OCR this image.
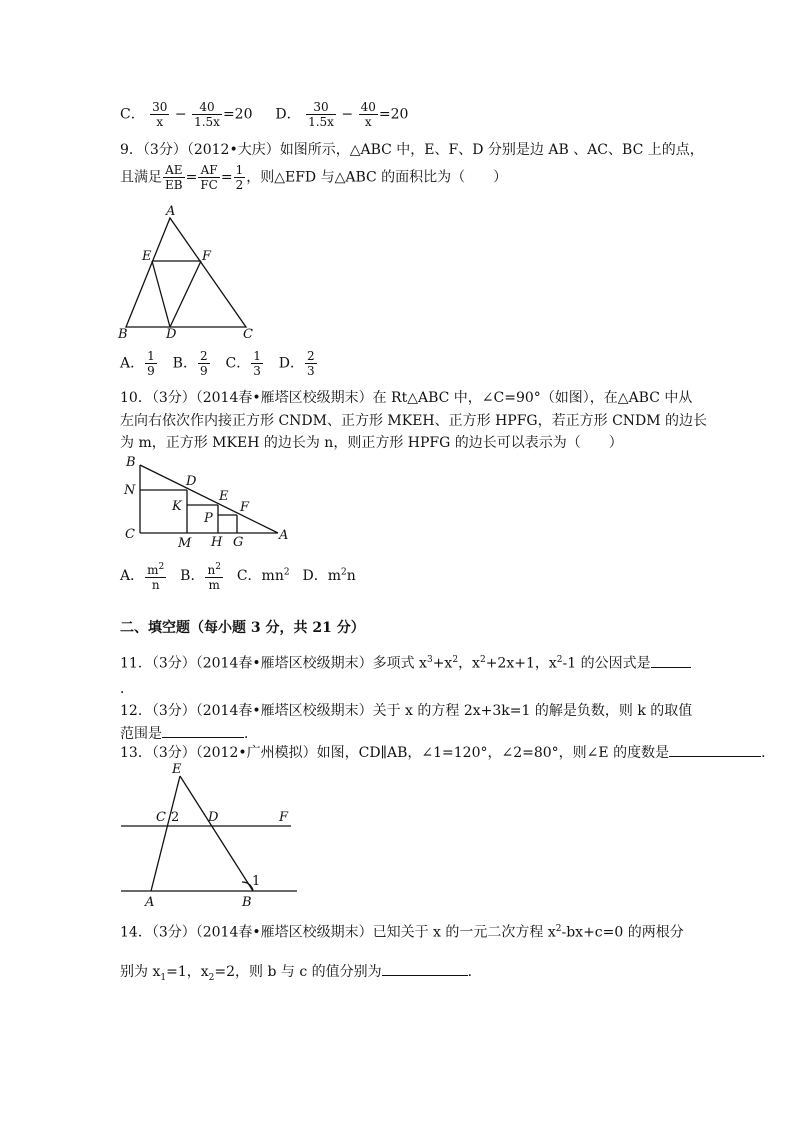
C． $\frac{30}{x} - \frac{40}{1.5x} =20$ D． $\frac{30}{1.5x} - \frac{40}{x} =20$
9．（3分）（2012•大庆）如图所示，△ABC 中，E、F、D 分别是边 AB 、AC、BC 上的点，
且满足 $\frac{AE}{EB} = \frac{AF}{FC} = \frac{1}{2}$ ，则△EFD 与△ABC 的面积比为（　　）
A
E	F
B	D	C
A． $\frac{1}{9}$ B． $\frac{2}{9}$ C． $\frac{1}{3}$ D． $\frac{2}{3}$
10．（3分）（2014春•雁塔区校级期末）在 Rt△ABC 中，∠C=90°（如图），在△ABC 中从
左向右依次作内接正方形 CNDM、正方形 MKEH、正方形 HPFG，若正方形 CNDM 的边长
为 m，正方形 MKEH 的边长为 n，则正方形 HPFG 的边长可以表示为（　　）
B
N
C
D
K
M
E
P
H
F
G	A
A． $\frac{m^2}{n}$ B． $\frac{n^2}{m}$ C．$mn^2$ D．$m^2n$
二、填空题（每小题 3 分，共 21 分）
11．（3分）（2014春•雁塔区校级期末）多项式 $x^3+x^2$，$x^2+2x+1$，$x^2-1$ 的公因式是
．
12．（3分）（2014春•雁塔区校级期末）关于 x 的方程 2x+3k=1 的解是负数，则 k 的取值
范围是	．
13．（3分）（2012•广州模拟）如图，CD∥AB，∠1=120°，∠2=80°，则∠E 的度数是	．
E
C 2 D	F
A	B
1
14．（3分）（2014春•雁塔区校级期末）已知关于 x 的一元二次方程 $x^2-bx+c=0$ 的两根分
别为 $x_1=1$，$x_2=2$，则 b 与 c 的值分别为	．
